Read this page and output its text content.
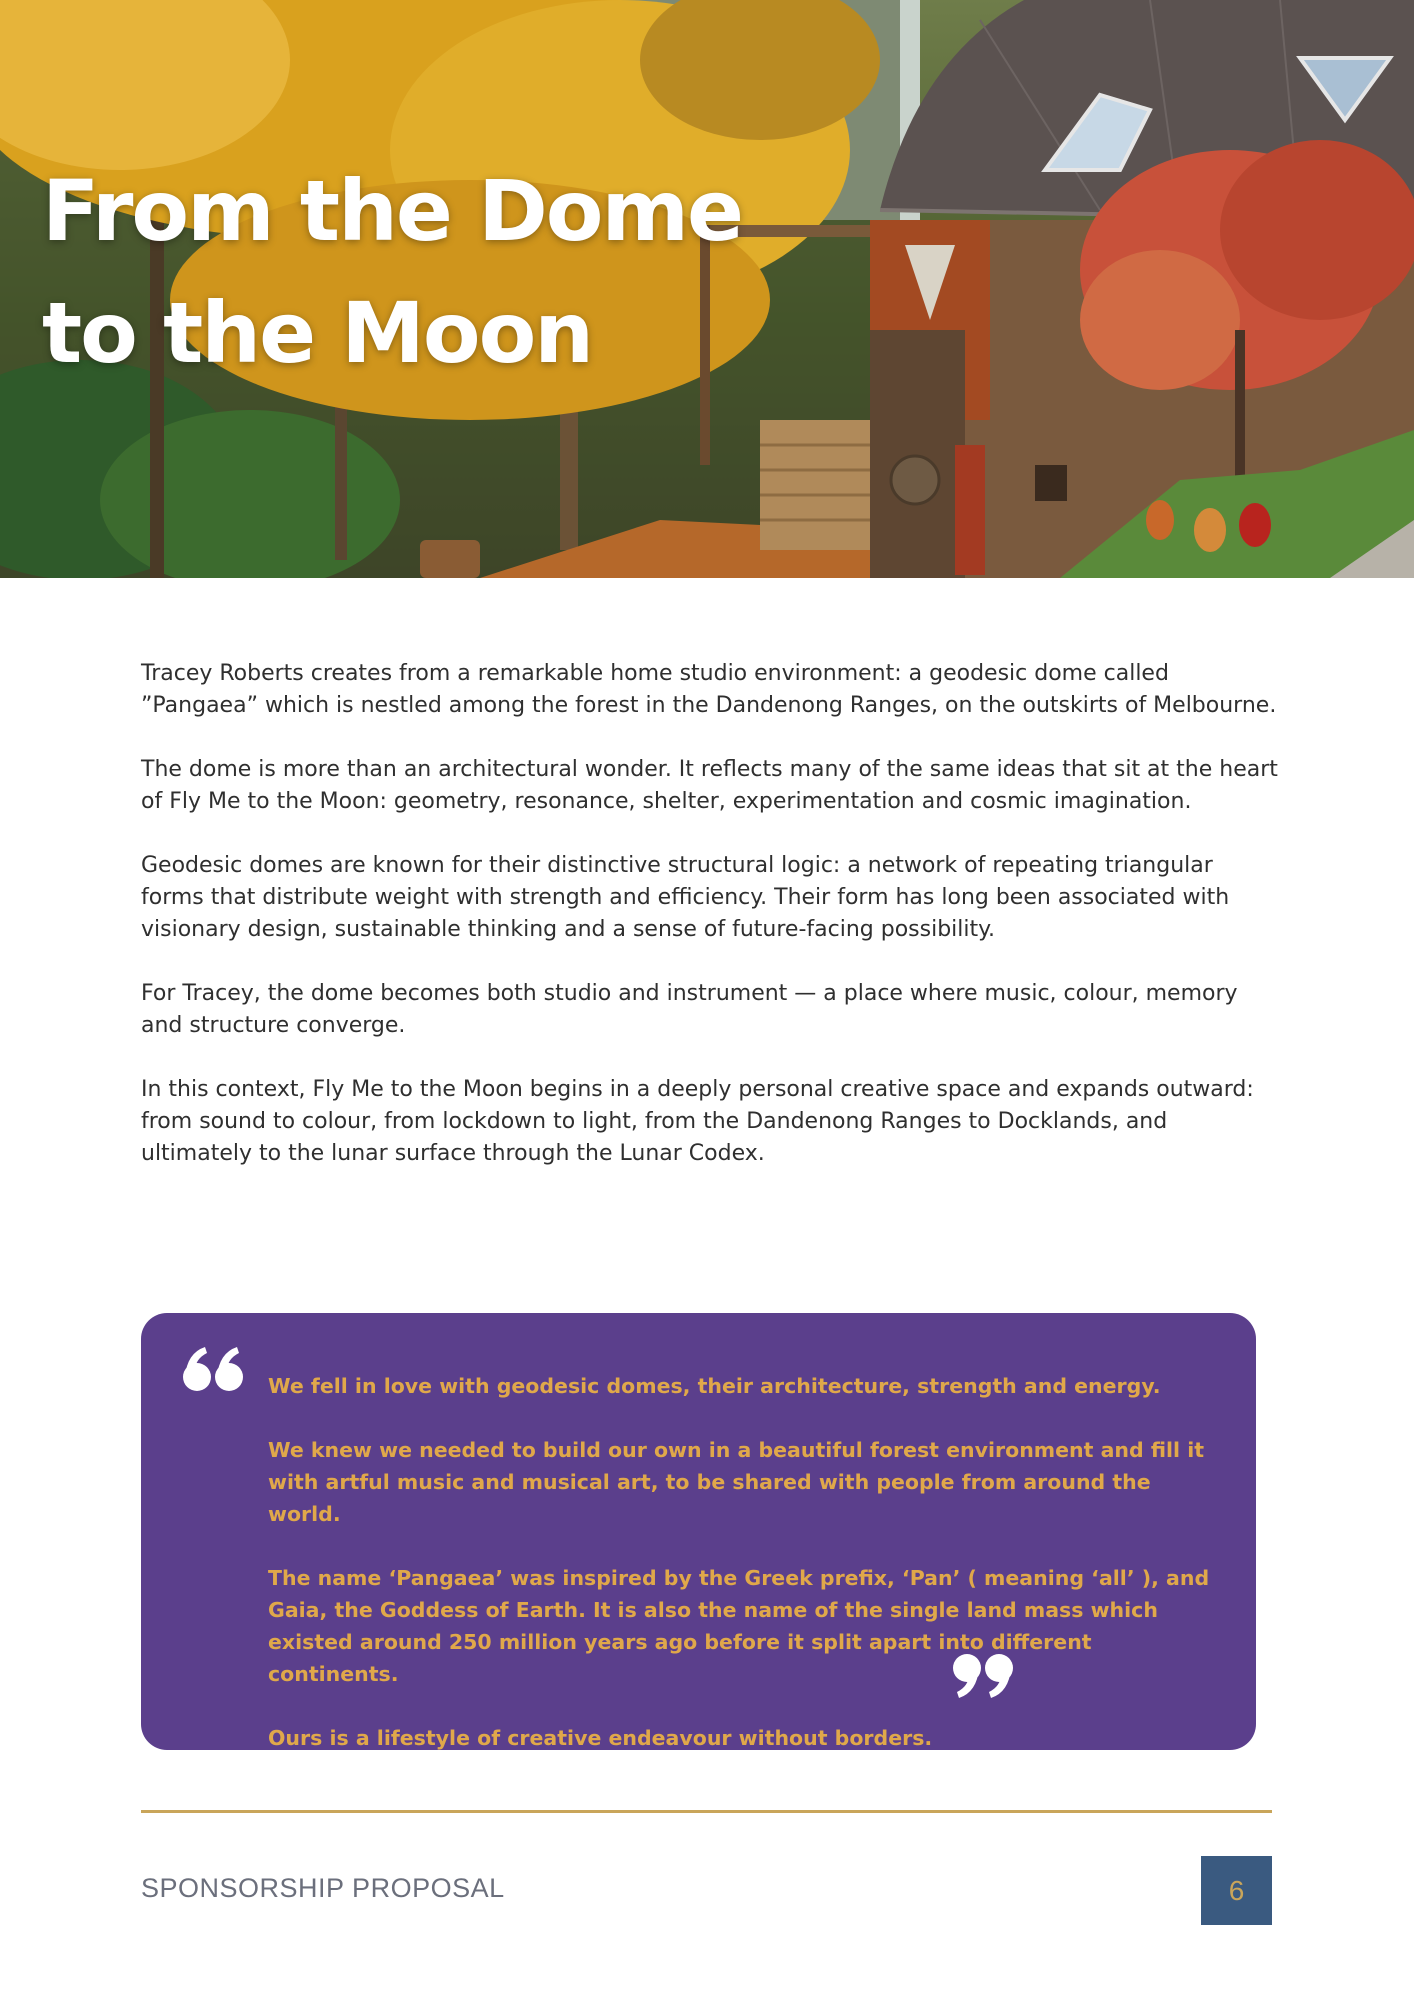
From the Dome
to the Moon

Tracey Roberts creates from a remarkable home studio environment: a geodesic dome called ”Pangaea” which is nestled among the forest in the Dandenong Ranges, on the outskirts of Melbourne.

The dome is more than an architectural wonder. It reflects many of the same ideas that sit at the heart of Fly Me to the Moon: geometry, resonance, shelter, experimentation and cosmic imagination.

Geodesic domes are known for their distinctive structural logic: a network of repeating triangular forms that distribute weight with strength and efficiency. Their form has long been associated with visionary design, sustainable thinking and a sense of future-facing possibility.

For Tracey, the dome becomes both studio and instrument — a place where music, colour, memory and structure converge.

In this context, Fly Me to the Moon begins in a deeply personal creative space and expands outward: from sound to colour, from lockdown to light, from the Dandenong Ranges to Docklands, and ultimately to the lunar surface through the Lunar Codex.

We fell in love with geodesic domes, their architecture, strength and energy.

We knew we needed to build our own in a beautiful forest environment and fill it with artful music and musical art, to be shared with people from around the world.

The name ‘Pangaea’ was inspired by the Greek prefix, ‘Pan’ ( meaning ‘all’ ), and Gaia, the Goddess of Earth. It is also the name of the single land mass which existed around 250 million years ago before it split apart into different continents.

Ours is a lifestyle of creative endeavour without borders.

SPONSORSHIP PROPOSAL	6
